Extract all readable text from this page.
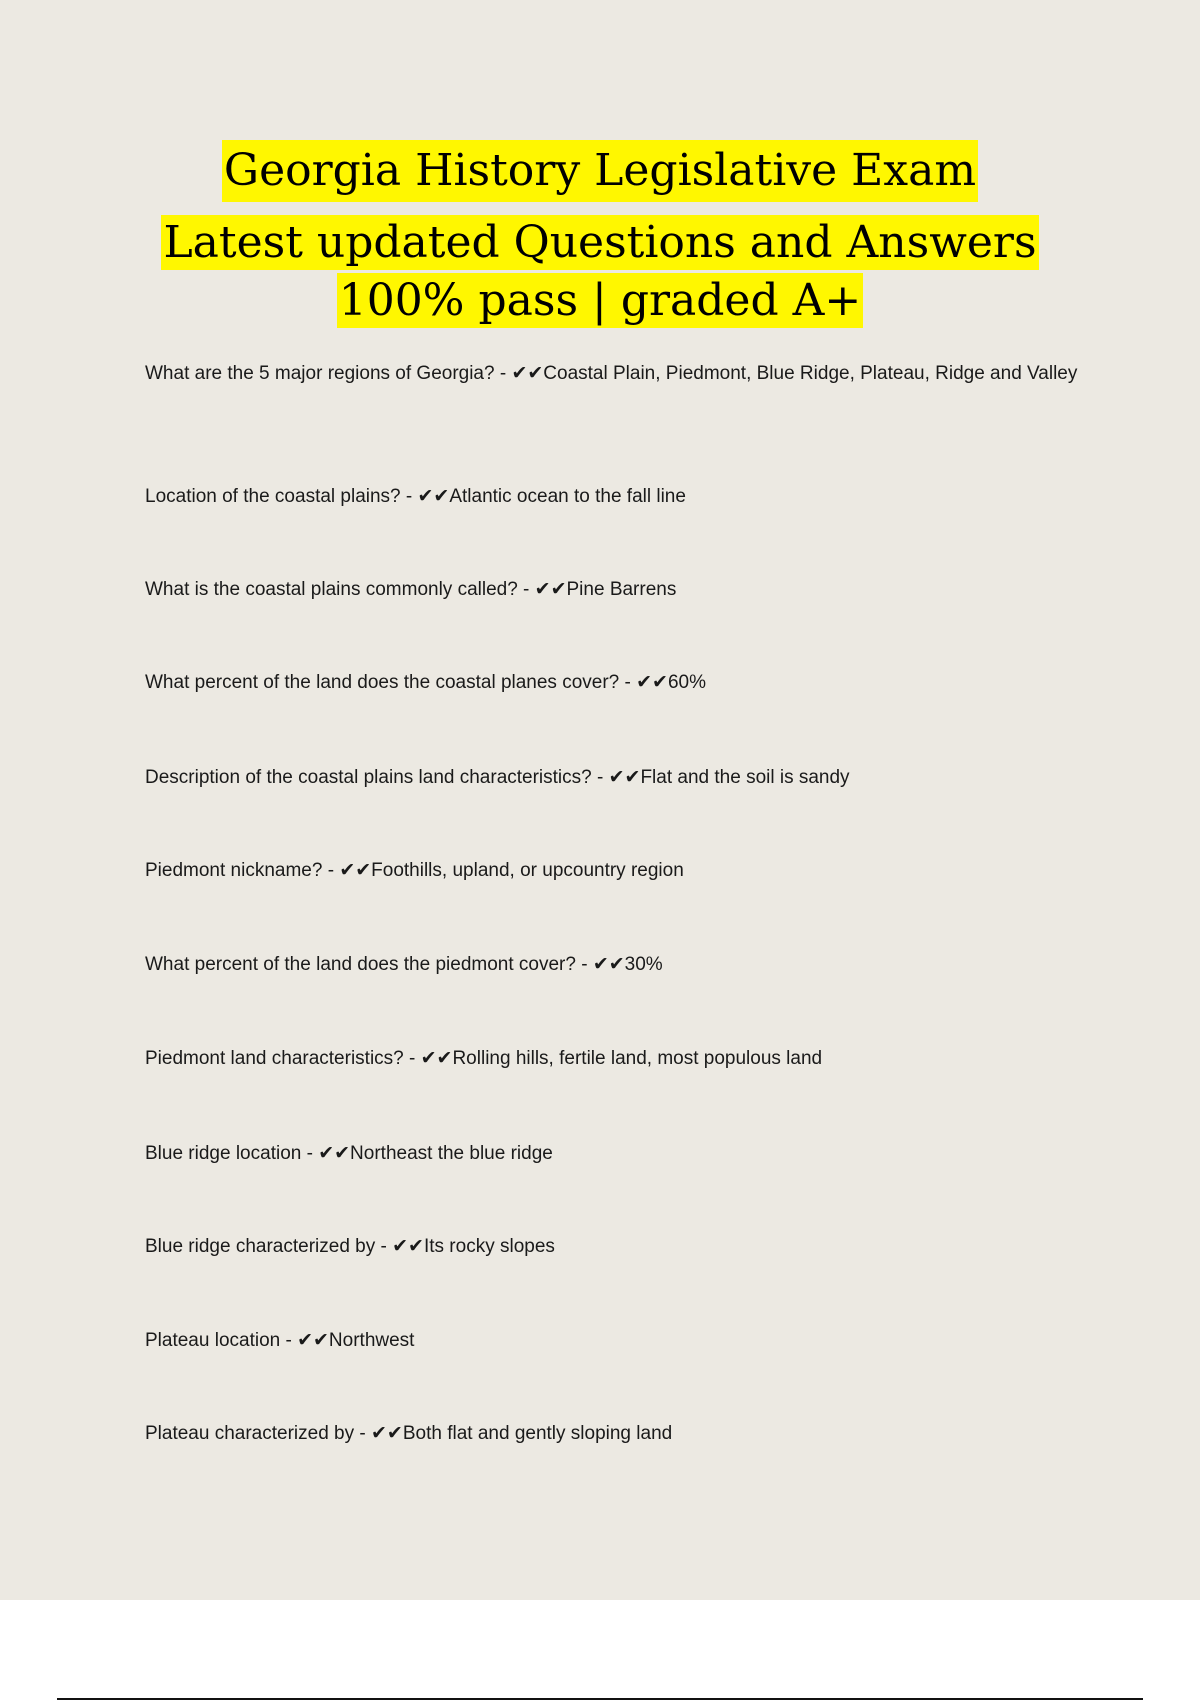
Georgia History Legislative Exam
Latest updated Questions and Answers 100% pass | graded A+
What are the 5 major regions of Georgia? - ✔✔Coastal Plain, Piedmont, Blue Ridge, Plateau, Ridge and Valley
Location of the coastal plains? - ✔✔Atlantic ocean to the fall line
What is the coastal plains commonly called? - ✔✔Pine Barrens
What percent of the land does the coastal planes cover? - ✔✔60%
Description of the coastal plains land characteristics? - ✔✔Flat and the soil is sandy
Piedmont nickname? - ✔✔Foothills, upland, or upcountry region
What percent of the land does the piedmont cover? - ✔✔30%
Piedmont land characteristics? - ✔✔Rolling hills, fertile land, most populous land
Blue ridge location - ✔✔Northeast the blue ridge
Blue ridge characterized by - ✔✔Its rocky slopes
Plateau location - ✔✔Northwest
Plateau characterized by - ✔✔Both flat and gently sloping land
